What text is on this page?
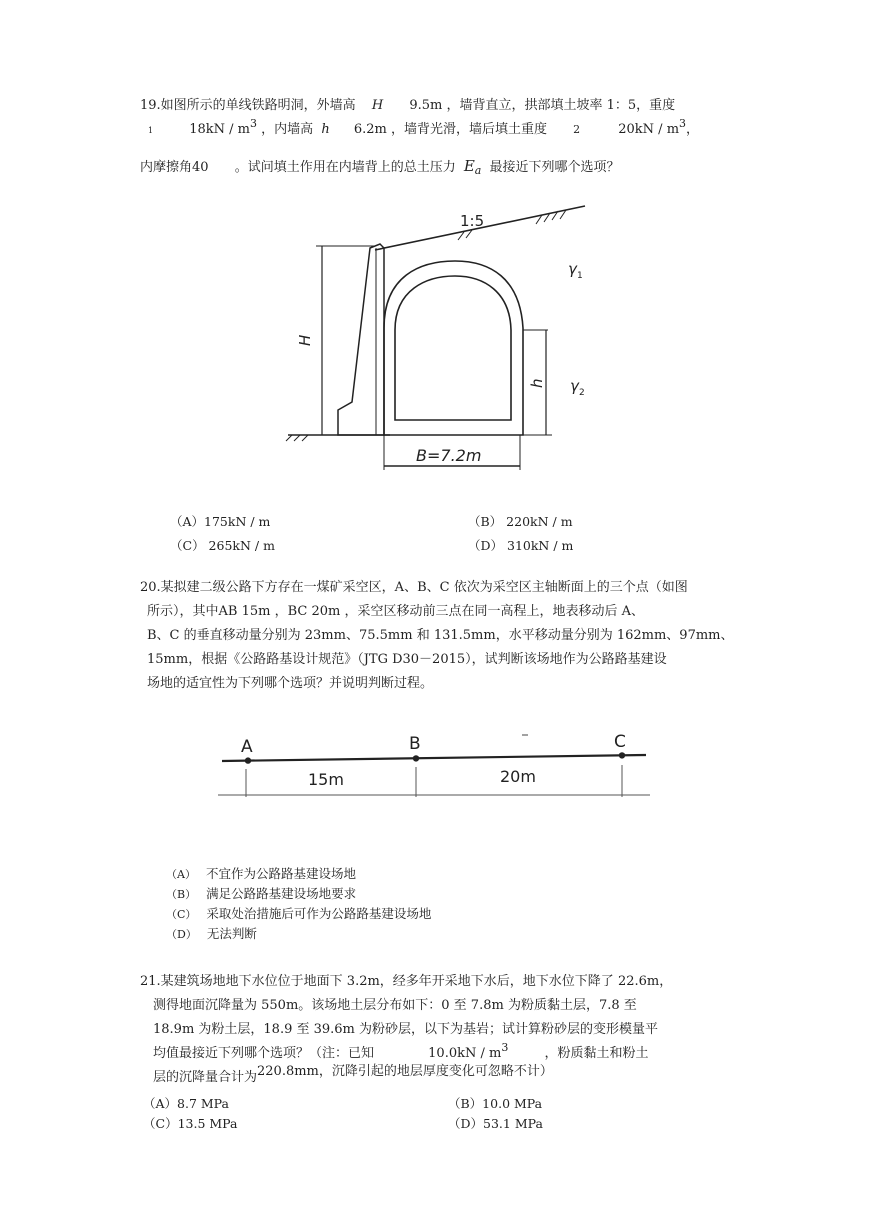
19.如图所示的单线铁路明洞，外墙高 H 9.5m ，墙背直立，拱部填土坡率 1：5，重度
1	$18kN / m^3$ ，内墙高 h 6.2m ，墙背光滑，墙后填土重度 2	$20kN / m^3$，
内摩擦角40 。试问填土作用在内墙背上的总土压力 $E_a$ 最接近下列哪个选项？
1:5
H
h
γ 1
γ 2
B=7.2m
（A）175kN / m	（B） 220kN / m
（C） 265kN / m	（D） 310kN / m
20.某拟建二级公路下方存在一煤矿采空区，A、B、C 依次为采空区主轴断面上的三个点（如图
所示），其中AB 15m ，BC 20m ，采空区移动前三点在同一高程上，地表移动后 A、
B、C 的垂直移动量分别为 23mm、75.5mm 和 131.5mm，水平移动量分别为 162mm、97mm、
15mm，根据《公路路基设计规范》（JTG D30－2015），试判断该场地作为公路路基建设
场地的适宜性为下列哪个选项？并说明判断过程。
A	B	C
15m	20m
（A） 不宜作为公路路基建设场地
（B） 满足公路路基建设场地要求
（C） 采取处治措施后可作为公路路基建设场地
（D） 无法判断
21.某建筑场地地下水位位于地面下 3.2m，经多年开采地下水后，地下水位下降了 22.6m，
测得地面沉降量为 550m。该场地土层分布如下：0 至 7.8m 为粉质黏土层，7.8 至
18.9m 为粉土层，18.9 至 39.6m 为粉砂层，以下为基岩；试计算粉砂层的变形模量平
均值最接近下列哪个选项？（注：已知	$10.0kN / m^3$	，粉质黏土和粉土
层的沉降量合计为220.8mm，沉降引起的地层厚度变化可忽略不计）
（A）8.7 MPa	（B）10.0 MPa
（C）13.5 MPa	（D）53.1 MPa
